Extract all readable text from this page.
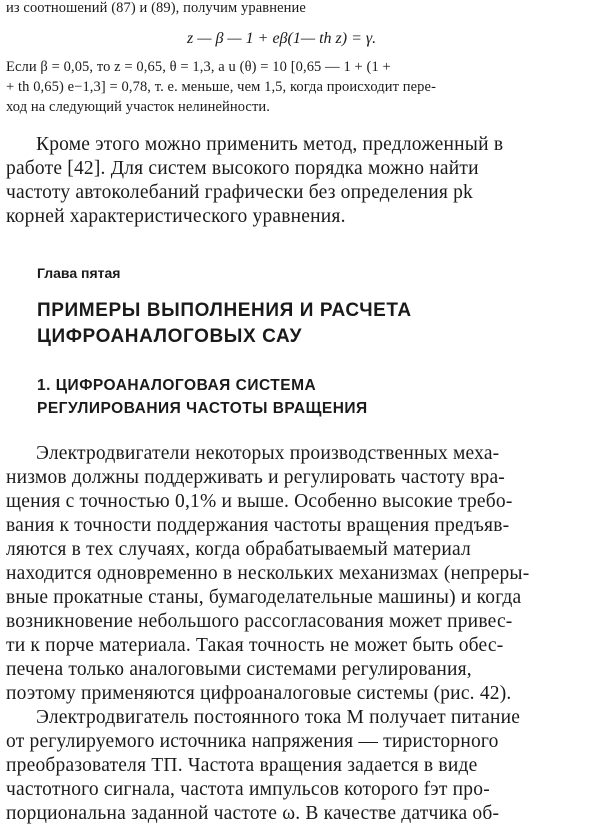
из соотношений (87) и (89), получим уравнение
z — β — 1 + eβ(1— th z) = γ.
Если β = 0,05, то z = 0,65, θ = 1,3, а u (θ) = 10 [0,65 — 1 + (1 +
+ th 0,65) e−1,3] = 0,78, т. е. меньше, чем 1,5, когда происходит пере-
ход на следующий участок нелинейности.
Кроме этого можно применить метод, предложенный в
работе [42]. Для систем высокого порядка можно найти
частоту автоколебаний графически без определения pk
корней характеристического уравнения.
Глава пятая
ПРИМЕРЫ ВЫПОЛНЕНИЯ И РАСЧЕТА
ЦИФРОАНАЛОГОВЫХ САУ
1. ЦИФРОАНАЛОГОВАЯ СИСТЕМА
РЕГУЛИРОВАНИЯ ЧАСТОТЫ ВРАЩЕНИЯ
Электродвигатели некоторых производственных меха-
низмов должны поддерживать и регулировать частоту вра-
щения с точностью 0,1% и выше. Особенно высокие требо-
вания к точности поддержания частоты вращения предъяв-
ляются в тех случаях, когда обрабатываемый материал
находится одновременно в нескольких механизмах (непреры-
вные прокатные станы, бумагоделательные машины) и когда
возникновение небольшого рассогласования может привес-
ти к порче материала. Такая точность не может быть обес-
печена только аналоговыми системами регулирования,
поэтому применяются цифроаналоговые системы (рис. 42).
Электродвигатель постоянного тока M получает питание
от регулируемого источника напряжения — тиристорного
преобразователя ТП. Частота вращения задается в виде
частотного сигнала, частота импульсов которого fэт про-
порциональна заданной частоте ω. В качестве датчика об-
